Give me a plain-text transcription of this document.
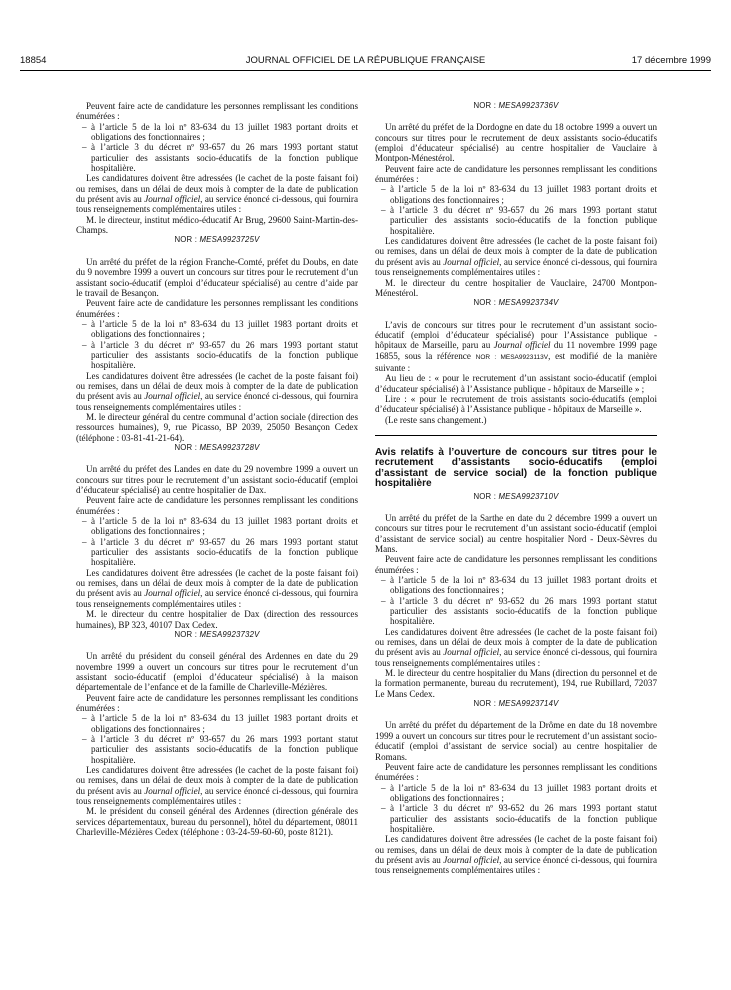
18854	JOURNAL OFFICIEL DE LA RÉPUBLIQUE FRANÇAISE	17 décembre 1999

Peuvent faire acte de candidature les personnes remplissant les conditions énumérées :

– à l’article 5 de la loi nº 83-634 du 13 juillet 1983 portant droits et obligations des fonctionnaires ;
– à l’article 3 du décret nº 93-657 du 26 mars 1993 portant statut particulier des assistants socio-éducatifs de la fonction publique hospitalière.

Les candidatures doivent être adressées (le cachet de la poste faisant foi) ou remises, dans un délai de deux mois à compter de la date de publication du présent avis au Journal officiel, au service énoncé ci-dessous, qui fournira tous renseignements complémentaires utiles :

M. le directeur, institut médico-éducatif Ar Brug, 29600 Saint-Martin-des-Champs.

NOR : MESA9923725V

Un arrêté du préfet de la région Franche-Comté, préfet du Doubs, en date du 9 novembre 1999 a ouvert un concours sur titres pour le recrutement d’un assistant socio-éducatif (emploi d’éducateur spécialisé) au centre d’aide par le travail de Besançon.

Peuvent faire acte de candidature les personnes remplissant les conditions énumérées :

– à l’article 5 de la loi nº 83-634 du 13 juillet 1983 portant droits et obligations des fonctionnaires ;
– à l’article 3 du décret nº 93-657 du 26 mars 1993 portant statut particulier des assistants socio-éducatifs de la fonction publique hospitalière.

Les candidatures doivent être adressées (le cachet de la poste faisant foi) ou remises, dans un délai de deux mois à compter de la date de publication du présent avis au Journal officiel, au service énoncé ci-dessous, qui fournira tous renseignements complémentaires utiles :

M. le directeur général du centre communal d’action sociale (direction des ressources humaines), 9, rue Picasso, BP 2039, 25050 Besançon Cedex (téléphone : 03-81-41-21-64).

NOR : MESA9923728V

Un arrêté du préfet des Landes en date du 29 novembre 1999 a ouvert un concours sur titres pour le recrutement d’un assistant socio-éducatif (emploi d’éducateur spécialisé) au centre hospitalier de Dax.

Peuvent faire acte de candidature les personnes remplissant les conditions énumérées :

– à l’article 5 de la loi nº 83-634 du 13 juillet 1983 portant droits et obligations des fonctionnaires ;
– à l’article 3 du décret nº 93-657 du 26 mars 1993 portant statut particulier des assistants socio-éducatifs de la fonction publique hospitalière.

Les candidatures doivent être adressées (le cachet de la poste faisant foi) ou remises, dans un délai de deux mois à compter de la date de publication du présent avis au Journal officiel, au service énoncé ci-dessous, qui fournira tous renseignements complémentaires utiles :

M. le directeur du centre hospitalier de Dax (direction des ressources humaines), BP 323, 40107 Dax Cedex.

NOR : MESA9923732V

Un arrêté du président du conseil général des Ardennes en date du 29 novembre 1999 a ouvert un concours sur titres pour le recrutement d’un assistant socio-éducatif (emploi d’éducateur spécialisé) à la maison départementale de l’enfance et de la famille de Charleville-Mézières.

Peuvent faire acte de candidature les personnes remplissant les conditions énumérées :

– à l’article 5 de la loi nº 83-634 du 13 juillet 1983 portant droits et obligations des fonctionnaires ;
– à l’article 3 du décret nº 93-657 du 26 mars 1993 portant statut particulier des assistants socio-éducatifs de la fonction publique hospitalière.

Les candidatures doivent être adressées (le cachet de la poste faisant foi) ou remises, dans un délai de deux mois à compter de la date de publication du présent avis au Journal officiel, au service énoncé ci-dessous, qui fournira tous renseignements complémentaires utiles :

M. le président du conseil général des Ardennes (direction générale des services départementaux, bureau du personnel), hôtel du département, 08011 Charleville-Mézières Cedex (téléphone : 03-24-59-60-60, poste 8121).

NOR : MESA9923736V

Un arrêté du préfet de la Dordogne en date du 18 octobre 1999 a ouvert un concours sur titres pour le recrutement de deux assistants socio-éducatifs (emploi d’éducateur spécialisé) au centre hospitalier de Vauclaire à Montpon-Ménestérol.

Peuvent faire acte de candidature les personnes remplissant les conditions énumérées :

– à l’article 5 de la loi nº 83-634 du 13 juillet 1983 portant droits et obligations des fonctionnaires ;
– à l’article 3 du décret nº 93-657 du 26 mars 1993 portant statut particulier des assistants socio-éducatifs de la fonction publique hospitalière.

Les candidatures doivent être adressées (le cachet de la poste faisant foi) ou remises, dans un délai de deux mois à compter de la date de publication du présent avis au Journal officiel, au service énoncé ci-dessous, qui fournira tous renseignements complémentaires utiles :

M. le directeur du centre hospitalier de Vauclaire, 24700 Montpon-Ménestérol.

NOR : MESA9923734V

L’avis de concours sur titres pour le recrutement d’un assistant socio-éducatif (emploi d’éducateur spécialisé) pour l’Assistance publique - hôpitaux de Marseille, paru au Journal officiel du 11 novembre 1999 page 16855, sous la référence NOR : MESA9923113V, est modifié de la manière suivante :

Au lieu de : « pour le recrutement d’un assistant socio-éducatif (emploi d’éducateur spécialisé) à l’Assistance publique - hôpitaux de Marseille » ;

Lire : « pour le recrutement de trois assistants socio-éducatifs (emploi d’éducateur spécialisé) à l’Assistance publique - hôpitaux de Marseille ».

(Le reste sans changement.)

Avis relatifs à l’ouverture de concours sur titres pour le recrutement d’assistants socio-éducatifs (emploi d’assistant de service social) de la fonction publique hospitalière
NOR : MESA9923710V

Un arrêté du préfet de la Sarthe en date du 2 décembre 1999 a ouvert un concours sur titres pour le recrutement d’un assistant socio-éducatif (emploi d’assistant de service social) au centre hospitalier Nord - Deux-Sèvres du Mans.

Peuvent faire acte de candidature les personnes remplissant les conditions énumérées :

– à l’article 5 de la loi nº 83-634 du 13 juillet 1983 portant droits et obligations des fonctionnaires ;
– à l’article 3 du décret nº 93-652 du 26 mars 1993 portant statut particulier des assistants socio-éducatifs de la fonction publique hospitalière.

Les candidatures doivent être adressées (le cachet de la poste faisant foi) ou remises, dans un délai de deux mois à compter de la date de publication du présent avis au Journal officiel, au service énoncé ci-dessous, qui fournira tous renseignements complémentaires utiles :

M. le directeur du centre hospitalier du Mans (direction du personnel et de la formation permanente, bureau du recrutement), 194, rue Rubillard, 72037 Le Mans Cedex.

NOR : MESA9923714V

Un arrêté du préfet du département de la Drôme en date du 18 novembre 1999 a ouvert un concours sur titres pour le recrutement d’un assistant socio-éducatif (emploi d’assistant de service social) au centre hospitalier de Romans.

Peuvent faire acte de candidature les personnes remplissant les conditions énumérées :

– à l’article 5 de la loi nº 83-634 du 13 juillet 1983 portant droits et obligations des fonctionnaires ;
– à l’article 3 du décret nº 93-652 du 26 mars 1993 portant statut particulier des assistants socio-éducatifs de la fonction publique hospitalière.

Les candidatures doivent être adressées (le cachet de la poste faisant foi) ou remises, dans un délai de deux mois à compter de la date de publication du présent avis au Journal officiel, au service énoncé ci-dessous, qui fournira tous renseignements complémentaires utiles :
